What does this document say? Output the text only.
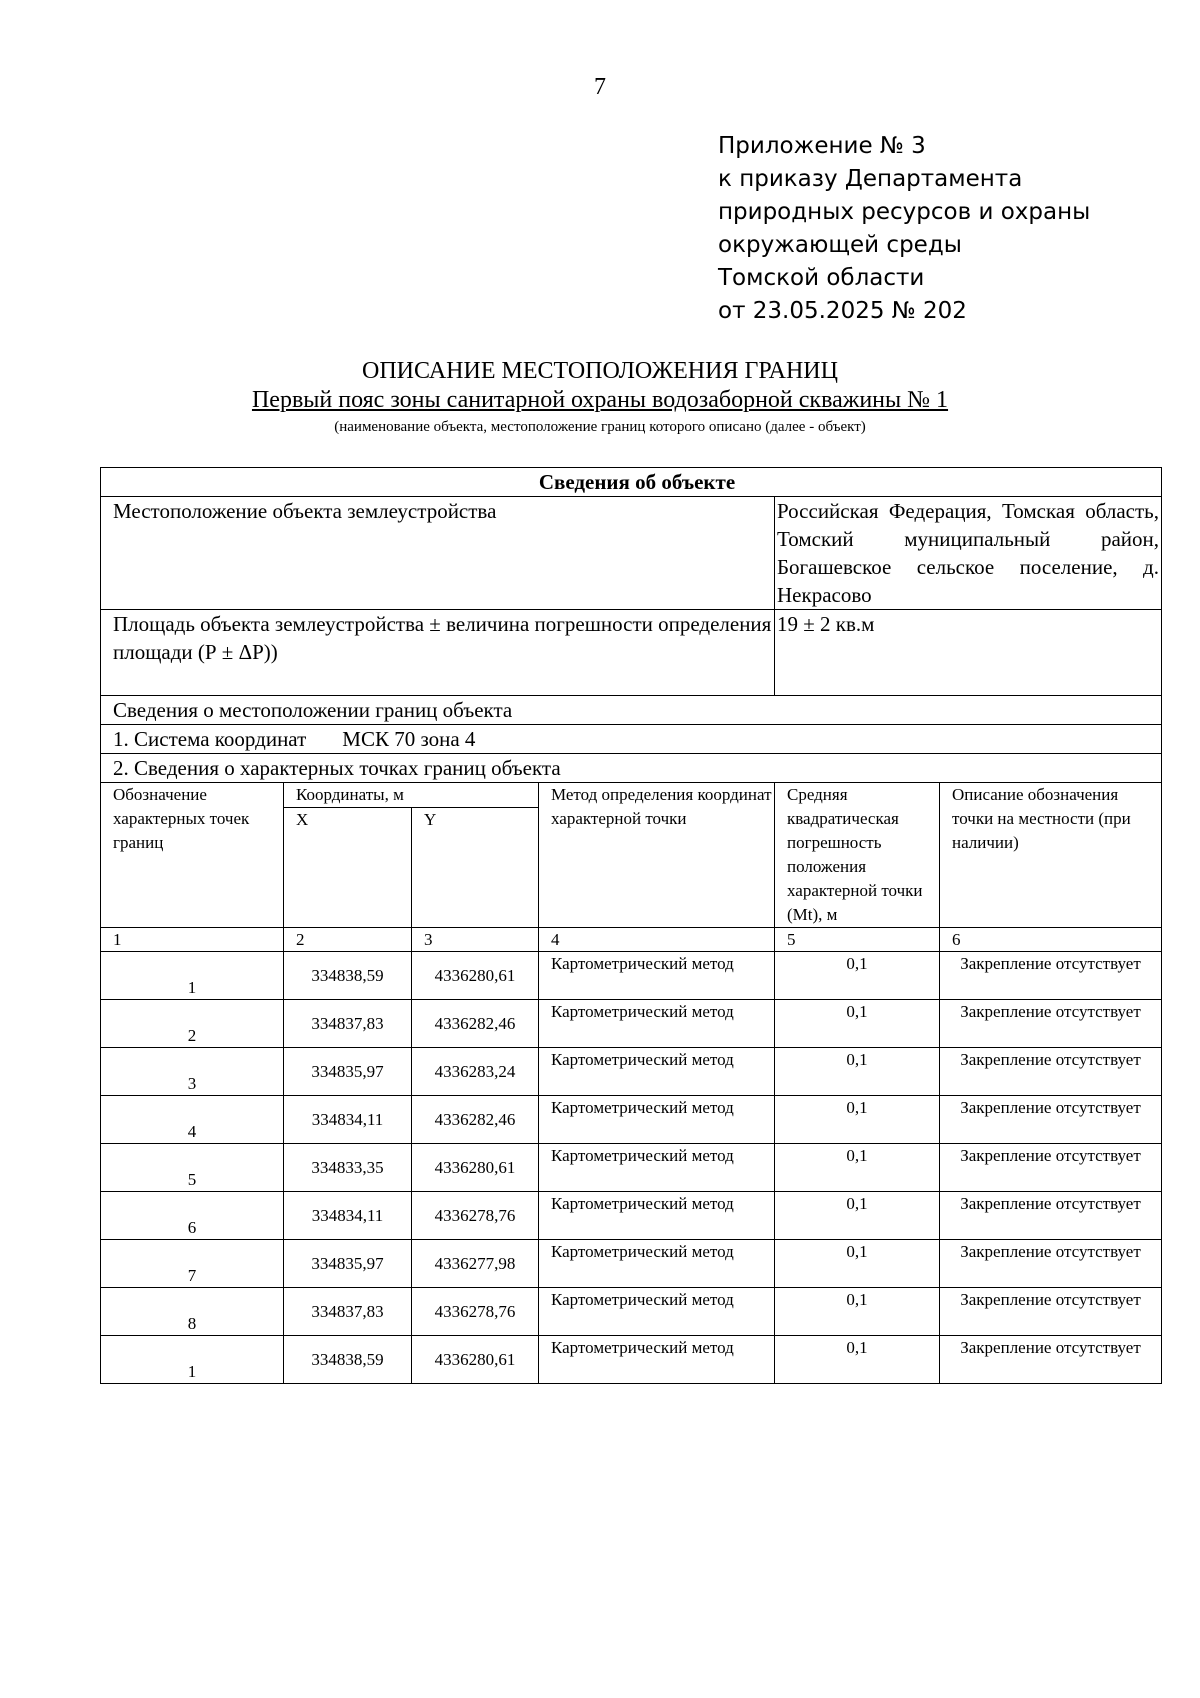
7
Приложение № 3
к приказу Департамента
природных ресурсов и охраны
окружающей среды
Томской области
от 23.05.2025 № 202
ОПИСАНИЕ МЕСТОПОЛОЖЕНИЯ ГРАНИЦ
Первый пояс зоны санитарной охраны водозаборной скважины № 1
(наименование объекта, местоположение границ которого описано (далее - объект)
Сведения об объекте					
Местоположение объекта землеустройства				Российская Федерация, Томская область, Томский муниципальный район, Богашевское сельское поселение, д. Некрасово	
Площадь объекта землеустройства ± величина погрешности определения площади (Р ± ΔР))				19 ± 2 кв.м	
Сведения о местоположении границ объекта					
1. Система координат МСК 70 зона 4					
2. Сведения о характерных точках границ объекта					
Обозначение характерных точек границ	Координаты, м		Метод определения координат характерной точки	Средняя квадратическая погрешность положения характерной точки (Mt), м	Описание обозначения точки на местности (при наличии)
	X	Y			
1	2	3	4	5	6
1	334838,59	4336280,61	Картометрический метод	0,1	Закрепление отсутствует
2	334837,83	4336282,46	Картометрический метод	0,1	Закрепление отсутствует
3	334835,97	4336283,24	Картометрический метод	0,1	Закрепление отсутствует
4	334834,11	4336282,46	Картометрический метод	0,1	Закрепление отсутствует
5	334833,35	4336280,61	Картометрический метод	0,1	Закрепление отсутствует
6	334834,11	4336278,76	Картометрический метод	0,1	Закрепление отсутствует
7	334835,97	4336277,98	Картометрический метод	0,1	Закрепление отсутствует
8	334837,83	4336278,76	Картометрический метод	0,1	Закрепление отсутствует
1	334838,59	4336280,61	Картометрический метод	0,1	Закрепление отсутствует
